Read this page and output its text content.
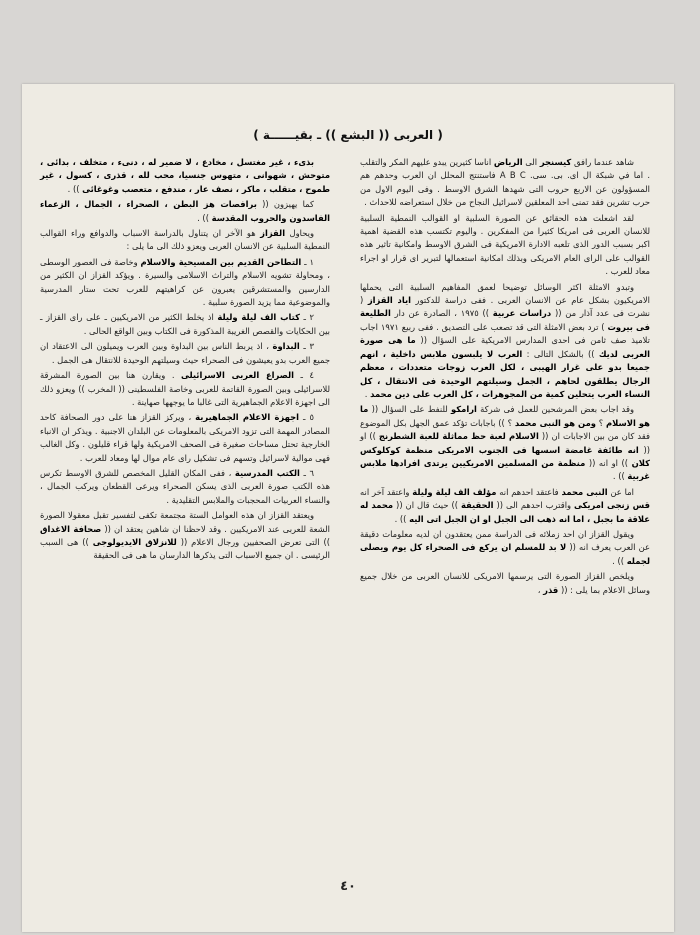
( العربى (( البشع )) ـ بقيــــــة )

شاهد عندما رافق كيسنجر الى الرياض اناسا كثيرين يبدو عليهم المكر والتقلب . اما في شبكة ال اى. بى. سى. A B C فاستنتج المحلل ان العرب وحدهم هم المسؤولون عن الاربع حروب التى شهدها الشرق الاوسط . وفى اليوم الاول من حرب تشرين فقد تمنى احد المعلقين لاسرائيل النجاح من خلال استعراضه للاحداث .

لقد اشعلت هذه الحقائق عن الصورة السلبية او القوالب النمطية السلبية للانسان العربى فى امريكا كثيرا من المفكرين . واليوم تكتسب هذه القضية اهمية اكبر بسبب الدور الذى تلعبه الادارة الامريكية فى الشرق الاوسط وامكانية تاثير هذه القوالب على الراى العام الامريكى وبذلك امكانية استعمالها لتبرير اى قرار او اجراء معاد للعرب .

وتبدو الامثلة اكثر الوسائل توضيحا لعمق المفاهيم السلبية التى يحملها الامريكيون بشكل عام عن الانسان العربى . ففى دراسة للدكتور اياد القزاز ( نشرت فى عدد آذار من (( دراسات عربية )) ١٩٧٥ ، الصادرة عن دار الطليعة فى بيروت ) ترد بعض الامثلة التى قد تصعب على التصديق . ففى ربيع ١٩٧١ اجاب تلاميذ صف ثامن فى احدى المدارس الامريكية على السؤال (( ما هى صورة العربى لديك )) بالشكل التالى : العرب لا يلبسون ملابس داخلية ، انهم جميعا بدو على غرار الهيبى ، لكل العرب زوجات متعددات ، معظم الرجال يطلقون لحاهم ، الجمل وسيلتهم الوحيدة فى الانتقال ، كل النساء العرب يتحلين كمية من المجوهرات ، كل العرب على دين محمد .

وقد اجاب بعض المرشحين للعمل فى شركة ارامكو للنفط على السؤال (( ما هو الاسلام ؟ ومن هو النبى محمد ؟ )) باجابات تؤكد عمق الجهل بكل الموضوع فقد كان من بين الاجابات ان (( الاسلام لعبة حظ مماثلة للعبة الشطرنج )) او (( انه طائفة غامضة اسسها فى الجنوب الامريكى منظمة كوكلوكس كلان )) او انه (( منظمة من المسلمين الامريكيين يرتدى افرادها ملابس غربية )) .

اما عن النبى محمد فاعتقد احدهم انه مؤلف الف ليلة وليلة واعتقد آخر انه قس زنجى امريكى واقترب احدهم الى (( الحقيقة )) حيث قال ان (( محمد له علاقة ما بجبل ، اما انه ذهب الى الجبل او ان الجبل اتى اليه )) .

ويقول القزاز ان احد زملائه فى الدراسة ممن يعتقدون ان لديه معلومات دقيقة عن العرب يعرف انه (( لا بد للمسلم ان يركع فى الصحراء كل يوم ويصلى لجمله )) .

ويلخص القزاز الصورة التى يرسمها الامريكى للانسان العربى من خلال جميع وسائل الاعلام بما يلى : (( قذر ،

بذىء ، غير مغتسل ، مخادع ، لا ضمير له ، دنىء ، متخلف ، بدائى ، متوحش ، شهوانى ، متهوس جنسيا، محب لله ، قذرى ، كسول ، غير طموح ، متقلب ، ماكر ، نصف عار ، مندفع ، متعصب وغوغائى )) .

كما يهيزون (( برافصات هز البطن ، الصحراء ، الجمال ، الزعماء الفاسدون والحروب المقدسة )) .

ويحاول القزاز هو الآخر ان يتناول بالدراسة الاسباب والدوافع وراء القوالب النمطية السلبية عن الانسان العربى ويعزو ذلك الى ما يلى :

١ ـ التطاحن القديم بين المسيحية والاسلام وخاصة فى العصور الوسطى ، ومحاولة تشويه الاسلام والتراث الاسلامى والسيرة . ويؤكد القزاز ان الكثير من الدارسين والمستشرقين يعبرون عن كراهيتهم للعرب تحت ستار المدرسية والموضوعية مما يزيد الصورة سلبية .

٢ ـ كتاب الف ليلة وليلة اذ يخلط الكثير من الامريكيين ـ على راى القزاز ـ بين الحكايات والقصص الغريبة المذكورة فى الكتاب وبين الواقع الحالى .

٣ ـ البداوة ، اذ يربط الناس بين البداوة وبين العرب ويميلون الى الاعتقاد ان جميع العرب بدو يعيشون فى الصحراء حيث وسيلتهم الوحيدة للانتقال هى الجمل .

٤ ـ الصراع العربى الاسرائيلى . ويقارن هنا بين الصورة المشرقة للاسرائيلى وبين الصورة القاتمة للعربى وخاصة الفلسطينى (( المخرب )) ويعزو ذلك الى اجهزة الاعلام الجماهيرية التى غالبا ما يوجهها صهاينة .

٥ ـ اجهزة الاعلام الجماهيرية ، ويركز القزاز هنا على دور الصحافة كاحد المصادر المهمة التى تزود الامريكى بالمعلومات عن البلدان الاجنبية . ويذكر ان الانباء الخارجية تحتل مساحات صغيرة فى الصحف الامريكية ولها قراء قليلون . وكل الغالب فهى موالية لاسرائيل وتسهم فى تشكيل راى عام موال لها ومعاد للعرب .

٦ ـ الكتب المدرسية ، ففى المكان القليل المخصص للشرق الاوسط تكرس هذه الكتب صورة العربى الذى يسكن الصحراء ويرعى القطعان ويركب الجمال ، والنساء العربيات المحجبات والملابس التقليدية .

ويعتقد القزاز ان هذه العوامل الستة مجتمعة تكفى لتفسير تقبل معقولا الصورة الشعة للعربى عند الامريكيين . وقد لاحظنا ان شاهين يعتقد ان (( صحافة الاغداق )) التى تعرض الصحفيين ورجال الاعلام (( للانزلاق الايديولوجى )) هى السبب الرئيسى . ان جميع الاسباب التى يذكرها الدارسان ما هى فى الحقيقة

٤٠
